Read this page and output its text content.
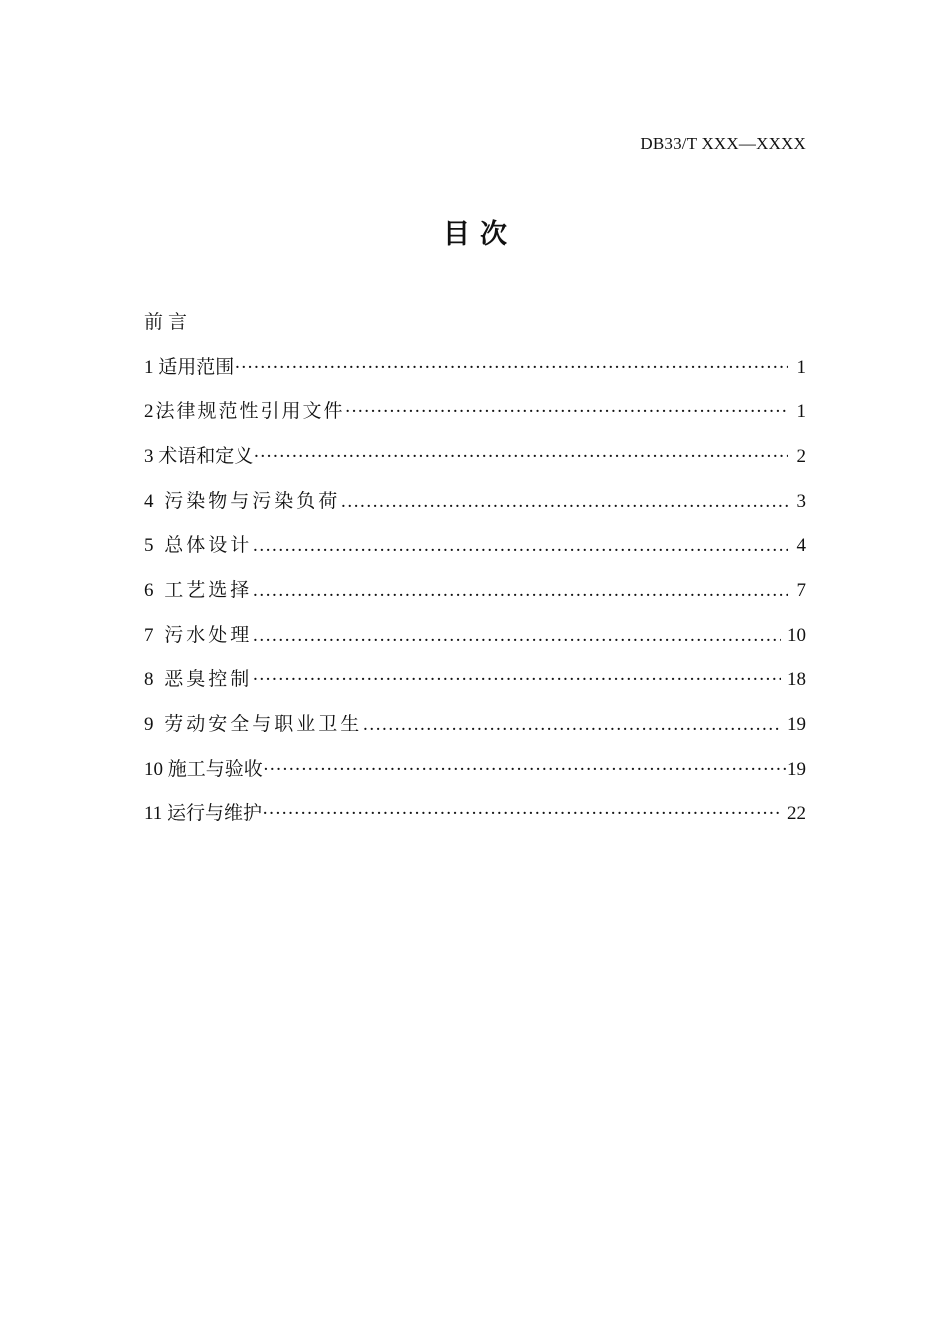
DB33/T XXX—XXXX
目次
前言
1 适用范围 ·····	1
2法律规范性引用文件 ·····	1
3 术语和定义 ·····	2
4 污染物与污染负荷 …………………………………………………………………………………………………………………………	3
5 总体设计 …………………………………………………………………………………………………………………………	4
6 工艺选择 …………………………………………………………………………………………………………………………	7
7 污水处理 …………………………………………………………………………………………………………………………	10
8 恶臭控制 ·····	18
9 劳动安全与职业卫生 …………………………………………………………………………………………………………………………	19
10 施工与验收 ·····	19
11 运行与维护 ·····	22
